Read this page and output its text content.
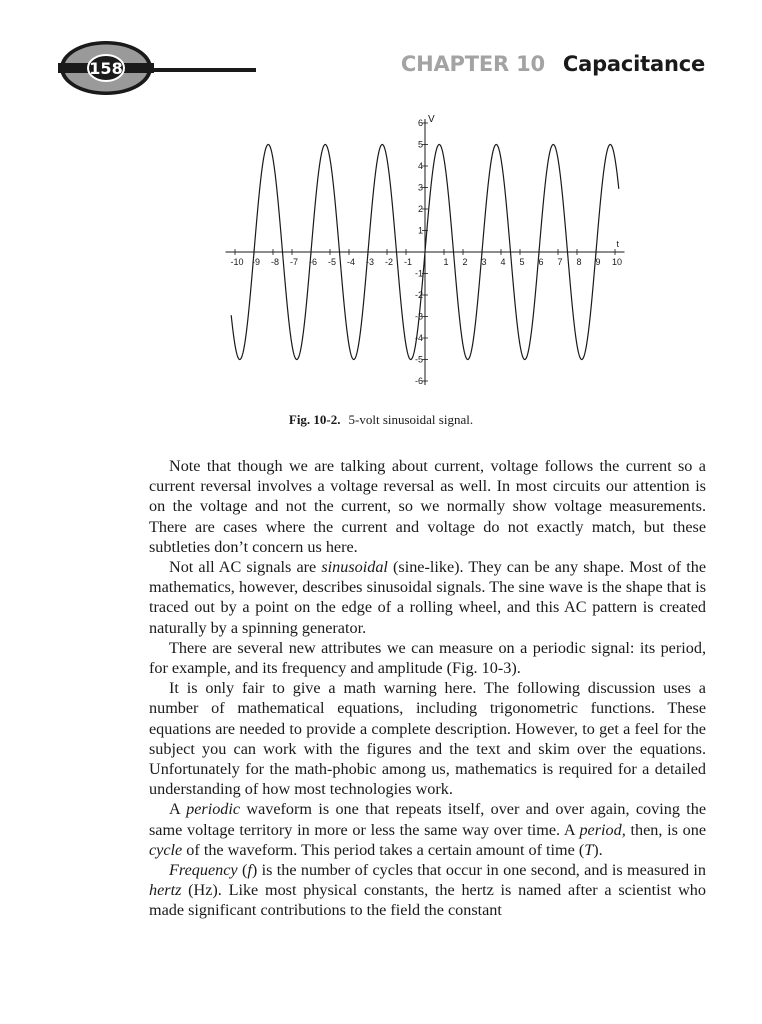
158	CHAPTER 10 Capacitance
-10 -9 -8 -7 -6 -5 -4 -3 -2 -1	1 2 3 4 5 6 7 8 9 10
6
5
4
3
2
1
-1
-2
-3
-4
-5
-6
V
t
Fig. 10-2. 5-volt sinusoidal signal.

Note that though we are talking about current, voltage follows the current so a current reversal involves a voltage reversal as well. In most circuits our attention is on the voltage and not the current, so we normally show voltage measurements. There are cases where the current and voltage do not exactly match, but these subtleties don’t concern us here.

Not all AC signals are sinusoidal (sine-like). They can be any shape. Most of the mathematics, however, describes sinusoidal signals. The sine wave is the shape that is traced out by a point on the edge of a rolling wheel, and this AC pattern is created naturally by a spinning generator.

There are several new attributes we can measure on a periodic signal: its period, for example, and its frequency and amplitude (Fig. 10-3).

It is only fair to give a math warning here. The following discussion uses a number of mathematical equations, including trigonometric functions. These equations are needed to provide a complete description. However, to get a feel for the subject you can work with the figures and the text and skim over the equations. Unfortunately for the math-phobic among us, mathematics is required for a detailed understanding of how most technologies work.

A periodic waveform is one that repeats itself, over and over again, coving the same voltage territory in more or less the same way over time. A period, then, is one cycle of the waveform. This period takes a certain amount of time (T).

Frequency (f) is the number of cycles that occur in one second, and is measured in hertz (Hz). Like most physical constants, the hertz is named after a scientist who made significant contributions to the field the constant
